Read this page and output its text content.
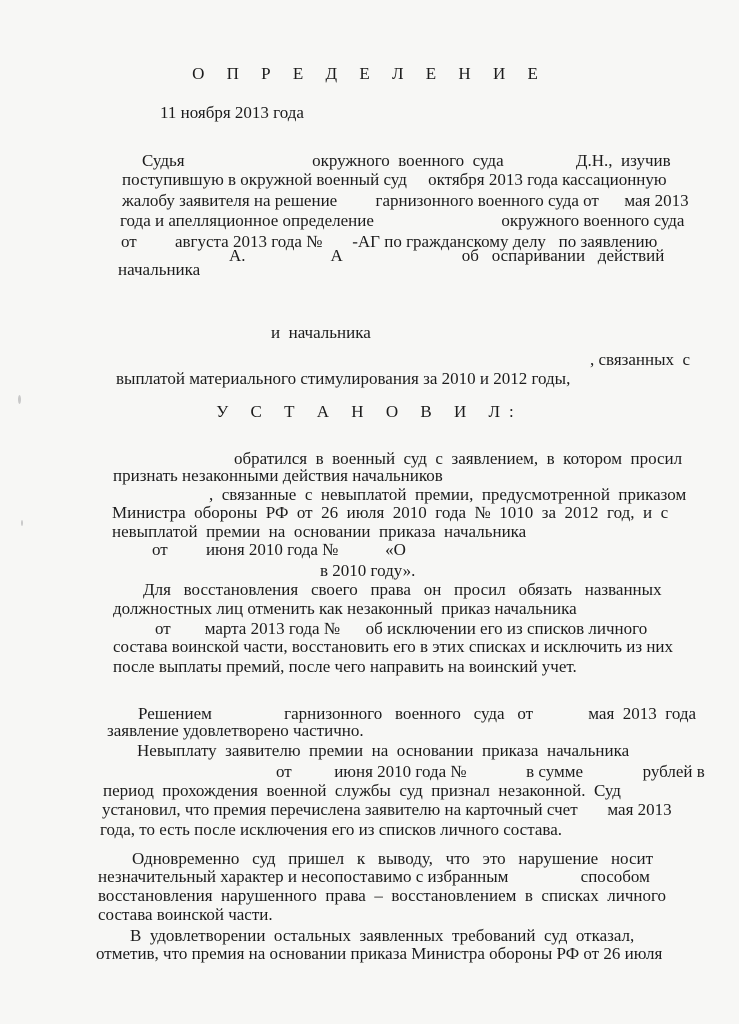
О П Р Е Д Е Л Е Н И Е

11 ноября 2013 года

Судья                              окружного  военного  суда                 Д.Н.,  изучив

поступившую в окружной военный суд     октября 2013 года кассационную

жалобу заявителя на решение         гарнизонного военного суда от      мая 2013

года и апелляционное определение                              окружного военного суда

от         августа 2013 года №       -АГ по гражданскому делу   по заявлению

А.                    А                            об   оспаривании   действий

начальника

и  начальника

, связанных  с

выплатой материального стимулирования за 2010 и 2012 годы,

У С Т А Н О В И Л:

обратился  в  военный  суд  с  заявлением,  в  котором  просил

признать незаконными действия начальников

,  связанные  с  невыплатой  премии,  предусмотренной  приказом

Министра  обороны  РФ  от  26  июля  2010  года  №  1010  за  2012  год,  и  с

невыплатой  премии  на  основании  приказа  начальника

от         июня 2010 года №           «О

в 2010 году».

Для   восстановления   своего   права   он   просил   обязать   названных

должностных лиц отменить как незаконный  приказ начальника

от        марта 2013 года №      об исключении его из списков личного

состава воинской части, восстановить его в этих списках и исключить из них

после выплаты премий, после чего направить на воинский учет.

Решением                 гарнизонного   военного   суда   от             мая  2013  года

заявление удовлетворено частично.

Невыплату  заявителю  премии  на  основании  приказа  начальника

от          июня 2010 года №              в сумме              рублей в

период  прохождения  военной  службы  суд  признал  незаконной.  Суд

установил, что премия перечислена заявителю на карточный счет       мая 2013

года, то есть после исключения его из списков личного состава.

Одновременно   суд   пришел   к   выводу,   что   это   нарушение   носит

незначительный характер и несопоставимо с избранным                 способом

восстановления  нарушенного  права  –  восстановлением  в  списках  личного

состава воинской части.

В  удовлетворении  остальных  заявленных  требований  суд  отказал,

отметив, что премия на основании приказа Министра обороны РФ от 26 июля
